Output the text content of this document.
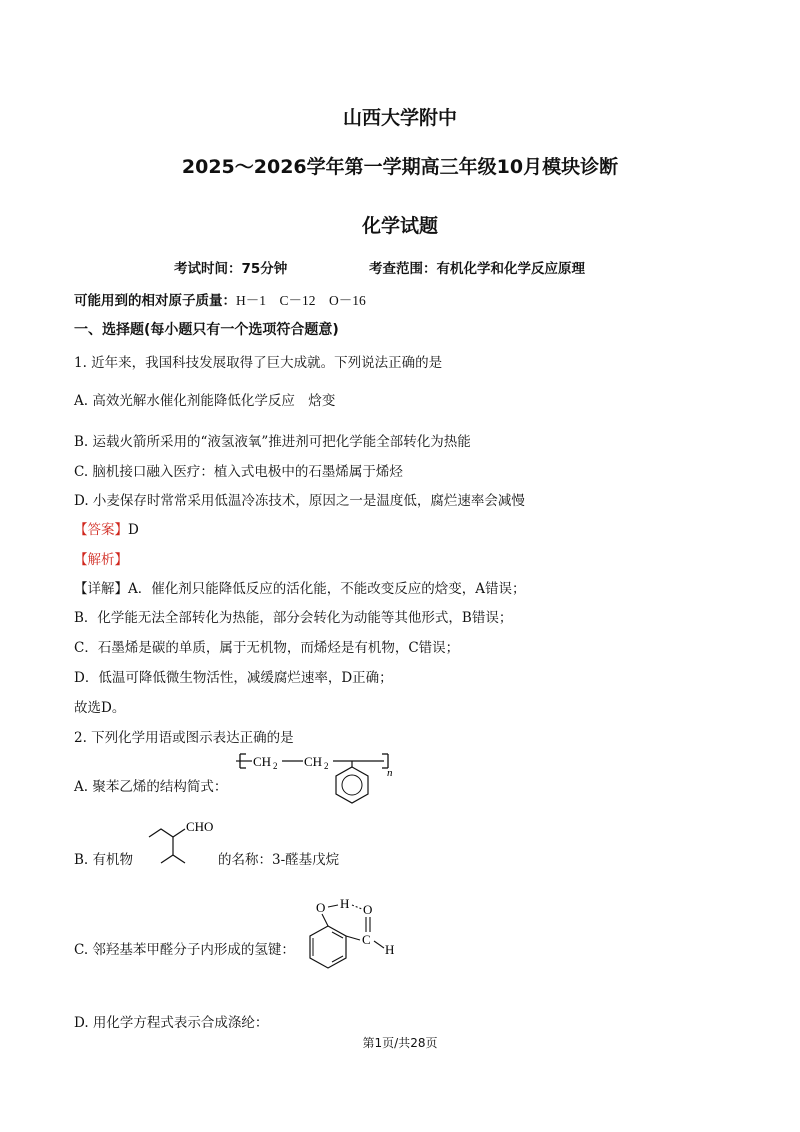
山西大学附中
2025～2026学年第一学期高三年级10月模块诊断
化学试题
考试时间：75分钟	考查范围：有机化学和化学反应原理
可能用到的相对原子质量：H－1　C－12　O－16
一、选择题(每小题只有一个选项符合题意)
1. 近年来，我国科技发展取得了巨大成就。下列说法正确的是
A. 高效光解水催化剂能降低化学反应　焓变
B. 运载火箭所采用的“液氢液氧”推进剂可把化学能全部转化为热能
C. 脑机接口融入医疗：植入式电极中的石墨烯属于烯烃
D. 小麦保存时常常采用低温冷冻技术，原因之一是温度低，腐烂速率会减慢
【答案】D
【解析】
【详解】A．催化剂只能降低反应的活化能，不能改变反应的焓变，A错误；
B．化学能无法全部转化为热能，部分会转化为动能等其他形式，B错误；
C．石墨烯是碳的单质，属于无机物，而烯烃是有机物，C错误；
D．低温可降低微生物活性，减缓腐烂速率，D正确；
故选D。
2. 下列化学用语或图示表达正确的是
A. 聚苯乙烯的结构简式：
CH 2 CH 2
n
B. 有机物
CHO
的名称：3-醛基戊烷
C. 邻羟基苯甲醛分子内形成的氢键：
O H O
C
H
D. 用化学方程式表示合成涤纶：
第1页/共28页
